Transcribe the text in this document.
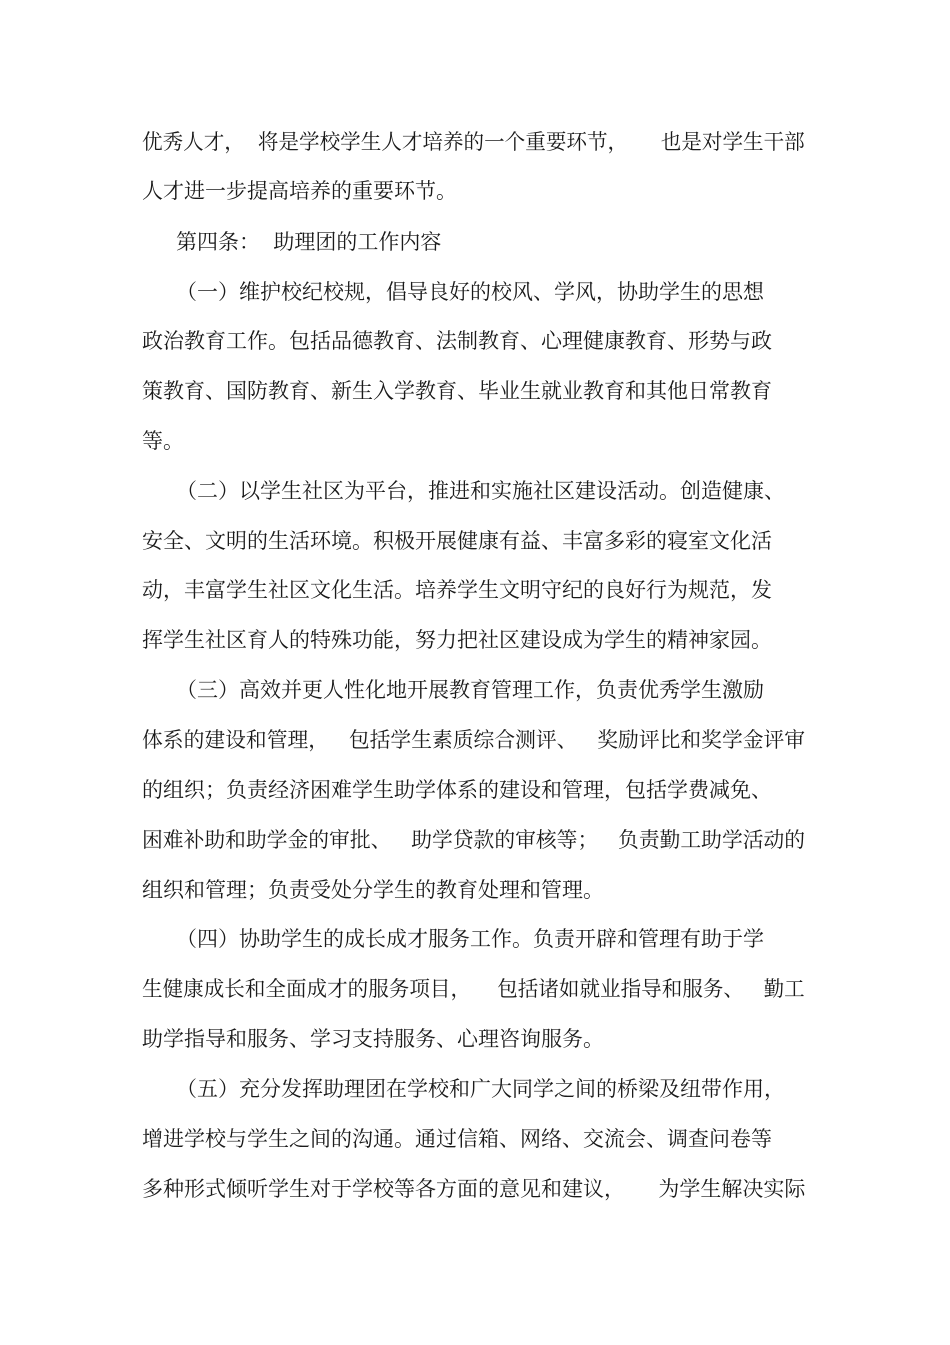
优秀人才，  将是学校学生人才培养的一个重要环节，     也是对学生干部

人才进一步提高培养的重要环节。

第四条：  助理团的工作内容

（一）维护校纪校规，倡导良好的校风、学风，协助学生的思想

政治教育工作。包括品德教育、法制教育、心理健康教育、形势与政

策教育、国防教育、新生入学教育、毕业生就业教育和其他日常教育

等。

（二）以学生社区为平台，推进和实施社区建设活动。创造健康、

安全、文明的生活环境。积极开展健康有益、丰富多彩的寝室文化活

动，丰富学生社区文化生活。培养学生文明守纪的良好行为规范，发

挥学生社区育人的特殊功能，努力把社区建设成为学生的精神家园。

（三）高效并更人性化地开展教育管理工作，负责优秀学生激励

体系的建设和管理，   包括学生素质综合测评、   奖励评比和奖学金评审

的组织；负责经济困难学生助学体系的建设和管理，包括学费减免、

困难补助和助学金的审批、   助学贷款的审核等；   负责勤工助学活动的

组织和管理；负责受处分学生的教育处理和管理。

（四）协助学生的成长成才服务工作。负责开辟和管理有助于学

生健康成长和全面成才的服务项目，    包括诸如就业指导和服务、   勤工

助学指导和服务、学习支持服务、心理咨询服务。

（五）充分发挥助理团在学校和广大同学之间的桥梁及纽带作用，

增进学校与学生之间的沟通。通过信箱、网络、交流会、调查问卷等

多种形式倾听学生对于学校等各方面的意见和建议，     为学生解决实际
